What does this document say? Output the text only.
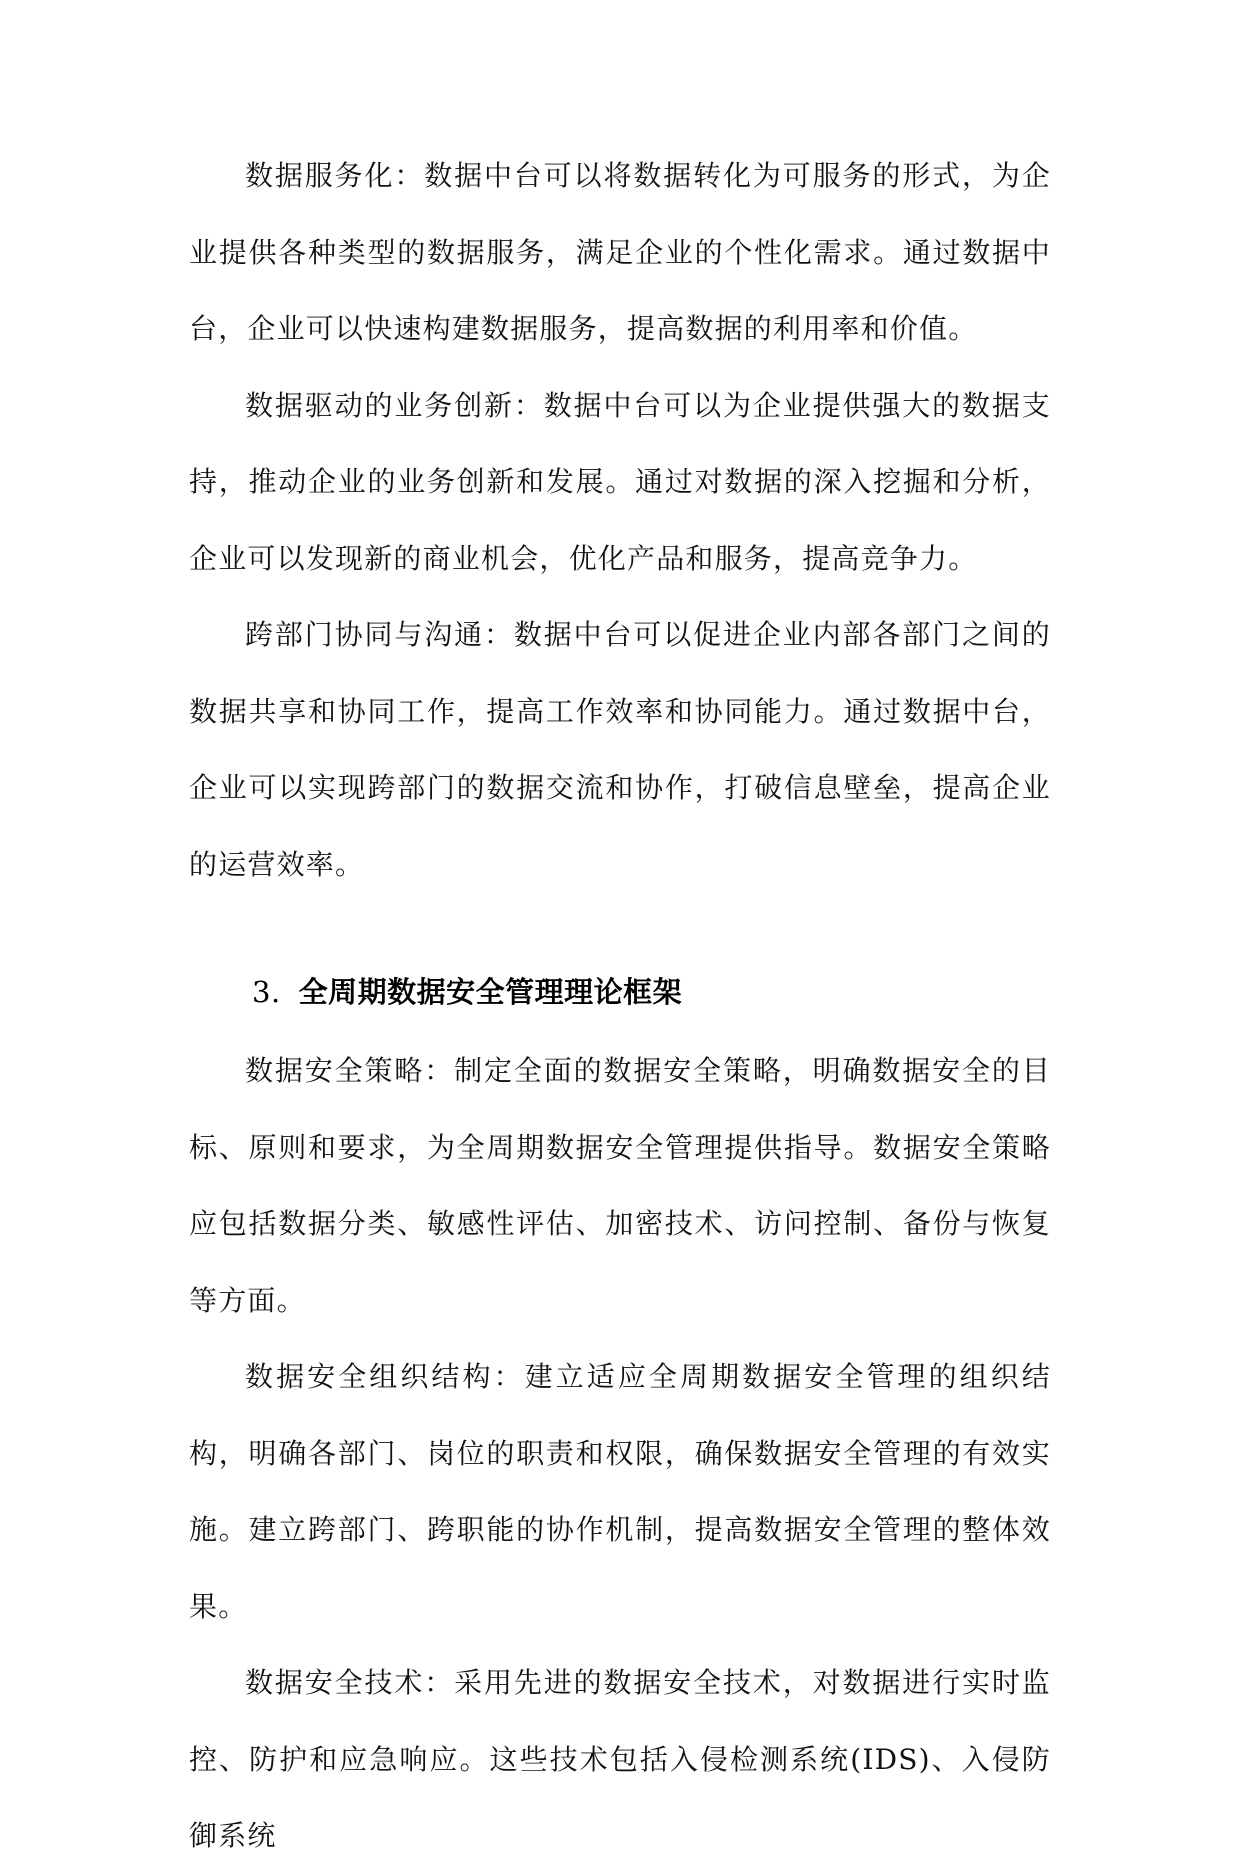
数据服务化：数据中台可以将数据转化为可服务的形式，为企业提供各种类型的数据服务，满足企业的个性化需求。通过数据中台，企业可以快速构建数据服务，提高数据的利用率和价值。

数据驱动的业务创新：数据中台可以为企业提供强大的数据支持，推动企业的业务创新和发展。通过对数据的深入挖掘和分析，企业可以发现新的商业机会，优化产品和服务，提高竞争力。

跨部门协同与沟通：数据中台可以促进企业内部各部门之间的数据共享和协同工作，提高工作效率和协同能力。通过数据中台，企业可以实现跨部门的数据交流和协作，打破信息壁垒，提高企业的运营效率。

3. 全周期数据安全管理理论框架

数据安全策略：制定全面的数据安全策略，明确数据安全的目标、原则和要求，为全周期数据安全管理提供指导。数据安全策略应包括数据分类、敏感性评估、加密技术、访问控制、备份与恢复等方面。

数据安全组织结构：建立适应全周期数据安全管理的组织结构，明确各部门、岗位的职责和权限，确保数据安全管理的有效实施。建立跨部门、跨职能的协作机制，提高数据安全管理的整体效果。

数据安全技术：采用先进的数据安全技术，对数据进行实时监控、防护和应急响应。这些技术包括入侵检测系统(IDS)、入侵防御系统
